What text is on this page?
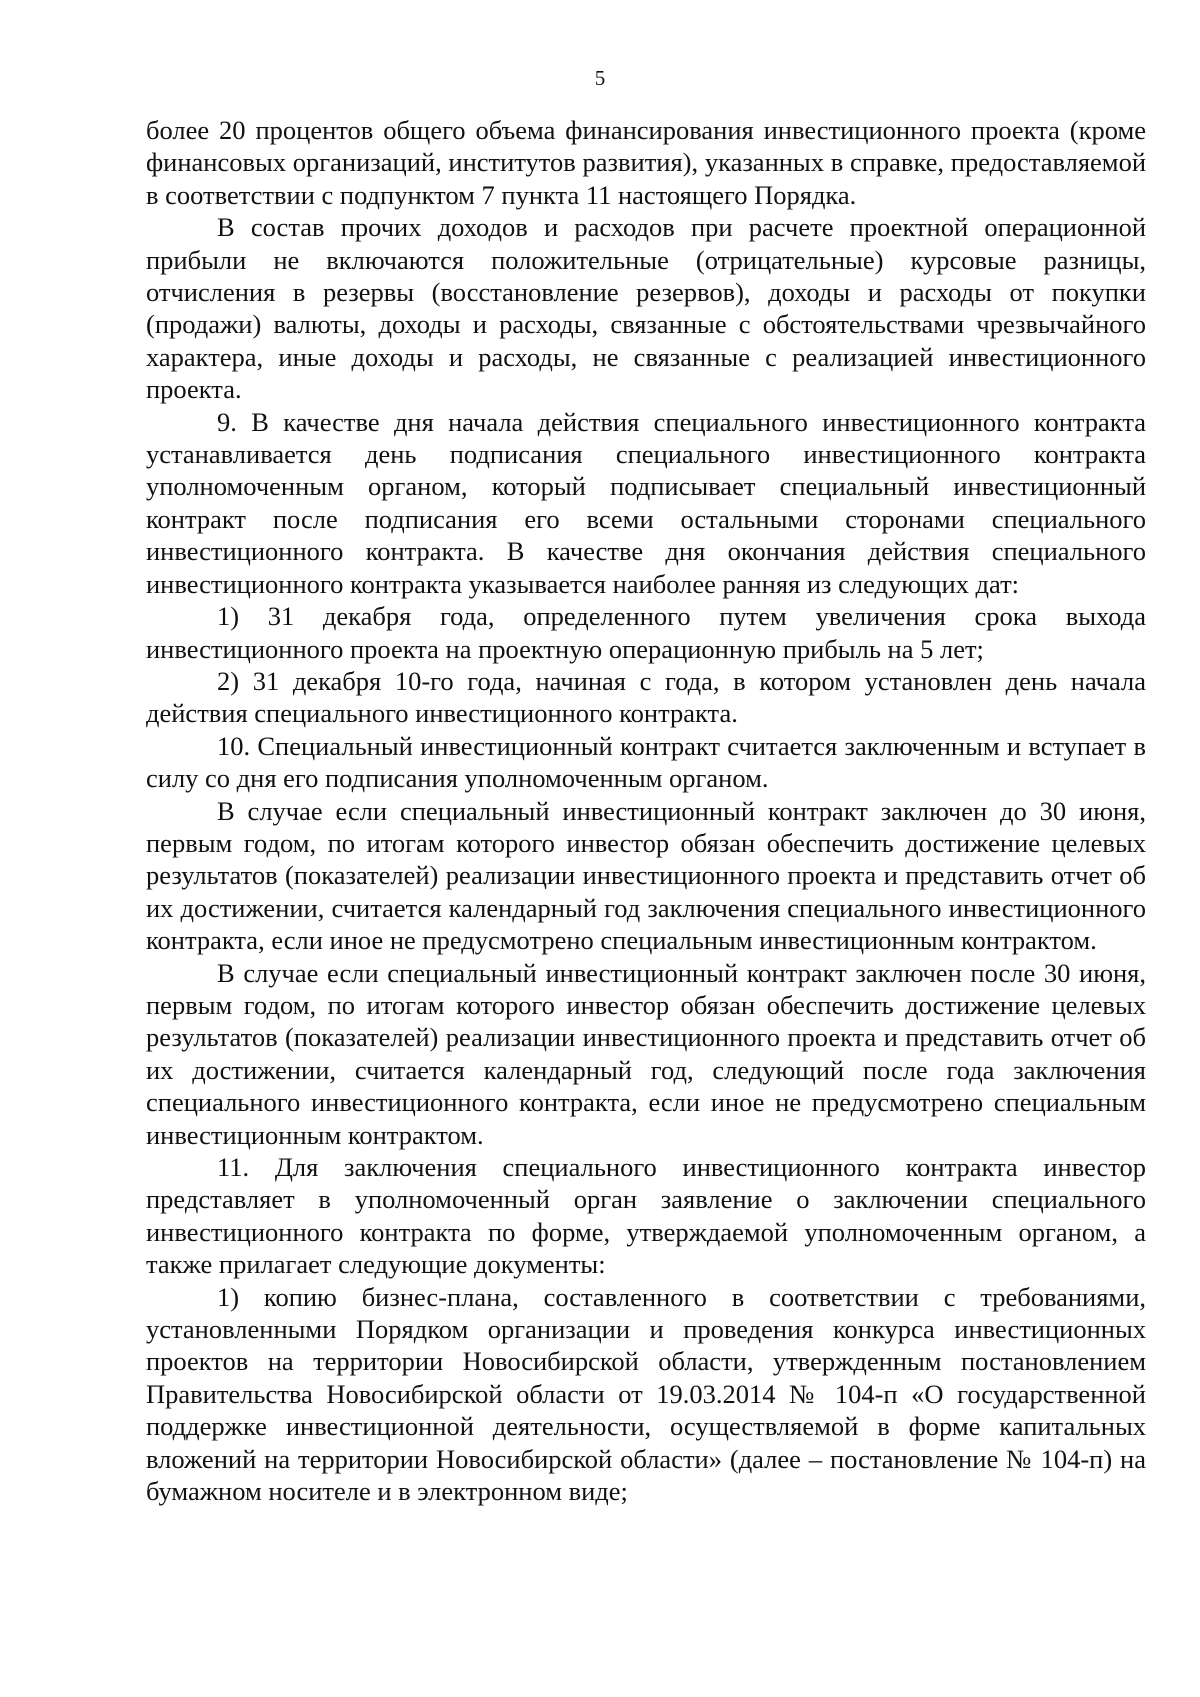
5

более 20 процентов общего объема финансирования инвестиционного проекта (кроме финансовых организаций, институтов развития), указанных в справке, предоставляемой в соответствии с подпунктом 7 пункта 11 настоящего Порядка.

В состав прочих доходов и расходов при расчете проектной операционной прибыли не включаются положительные (отрицательные) курсовые разницы, отчисления в резервы (восстановление резервов), доходы и расходы от покупки (продажи) валюты, доходы и расходы, связанные с обстоятельствами чрезвычайного характера, иные доходы и расходы, не связанные с реализацией инвестиционного проекта.

9. В качестве дня начала действия специального инвестиционного контракта устанавливается день подписания специального инвестиционного контракта уполномоченным органом, который подписывает специальный инвестиционный контракт после подписания его всеми остальными сторонами специального инвестиционного контракта. В качестве дня окончания действия специального инвестиционного контракта указывается наиболее ранняя из следующих дат:

1) 31 декабря года, определенного путем увеличения срока выхода инвестиционного проекта на проектную операционную прибыль на 5 лет;

2) 31 декабря 10-го года, начиная с года, в котором установлен день начала действия специального инвестиционного контракта.

10. Специальный инвестиционный контракт считается заключенным и вступает в силу со дня его подписания уполномоченным органом.

В случае если специальный инвестиционный контракт заключен до 30 июня, первым годом, по итогам которого инвестор обязан обеспечить достижение целевых результатов (показателей) реализации инвестиционного проекта и представить отчет об их достижении, считается календарный год заключения специального инвестиционного контракта, если иное не предусмотрено специальным инвестиционным контрактом.

В случае если специальный инвестиционный контракт заключен после 30 июня, первым годом, по итогам которого инвестор обязан обеспечить достижение целевых результатов (показателей) реализации инвестиционного проекта и представить отчет об их достижении, считается календарный год, следующий после года заключения специального инвестиционного контракта, если иное не предусмотрено специальным инвестиционным контрактом.

11. Для заключения специального инвестиционного контракта инвестор представляет в уполномоченный орган заявление о заключении специального инвестиционного контракта по форме, утверждаемой уполномоченным органом, а также прилагает следующие документы:

1) копию бизнес-плана, составленного в соответствии с требованиями, установленными Порядком организации и проведения конкурса инвестиционных проектов на территории Новосибирской области, утвержденным постановлением Правительства Новосибирской области от 19.03.2014 № 104-п «О государственной поддержке инвестиционной деятельности, осуществляемой в форме капитальных вложений на территории Новосибирской области» (далее – постановление № 104-п) на бумажном носителе и в электронном виде;
